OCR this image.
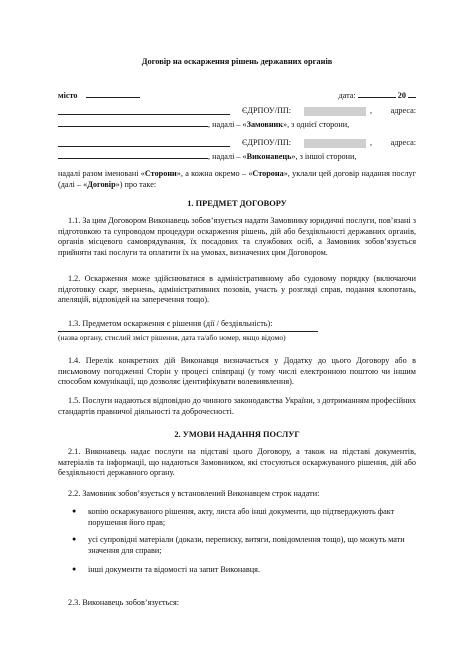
Договір на оскарження рішень державних органів
місто	дата:	20
ЄДРПОУ/ПП:	, адреса:
, надалі – «Замовник», з однієї сторони,
ЄДРПОУ/ПП:	, адреса:
, надалі – «Виконавець», з іншої сторони,
надалі разом іменовані «Сторони», а кожна окремо – «Сторона», уклали цей договір надання послуг (далі – «Договір») про таке:
1. ПРЕДМЕТ ДОГОВОРУ
1.1. За цим Договором Виконавець зобов’язується надати Замовнику юридичні послуги, пов’язані з підготовкою та супроводом процедури оскарження рішень, дій або бездіяльності державних органів, органів місцевого самоврядування, їх посадових та службових осіб, а Замовник зобов’язується прийняти такі послуги та оплатити їх на умовах, визначених цим Договором.
1.2. Оскарження може здійснюватися в адміністративному або судовому порядку (включаючи підготовку скарг, звернень, адміністративних позовів, участь у розгляді справ, подання клопотань, апеляцій, відповідей на заперечення тощо).
1.3. Предметом оскарження є рішення (дії / бездіяльність):
(назва органу, стислий зміст рішення, дата та/або номер, якщо відомо)
1.4. Перелік конкретних дій Виконавця визначається у Додатку до цього Договору або в письмовому погодженні Сторін у процесі співпраці (у тому числі електронною поштою чи іншим способом комунікації, що дозволяє ідентифікувати волевиявлення).
1.5. Послуги надаються відповідно до чинного законодавства України, з дотриманням професійних стандартів правничої діяльності та доброчесності.
2. УМОВИ НАДАННЯ ПОСЛУГ
2.1. Виконавець надає послуги на підставі цього Договору, а також на підставі документів, матеріалів та інформації, що надаються Замовником, які стосуються оскаржуваного рішення, дій або бездіяльності державного органу.
2.2. Замовник зобов’язується у встановлений Виконавцем строк надати:
● копію оскаржуваного рішення, акту, листа або інші документи, що підтверджують факт порушення його прав;
● усі супровідні матеріали (докази, переписку, витяги, повідомлення тощо), що можуть мати значення для справи;
● інші документи та відомості на запит Виконавця.
2.3. Виконавець зобов’язується:
